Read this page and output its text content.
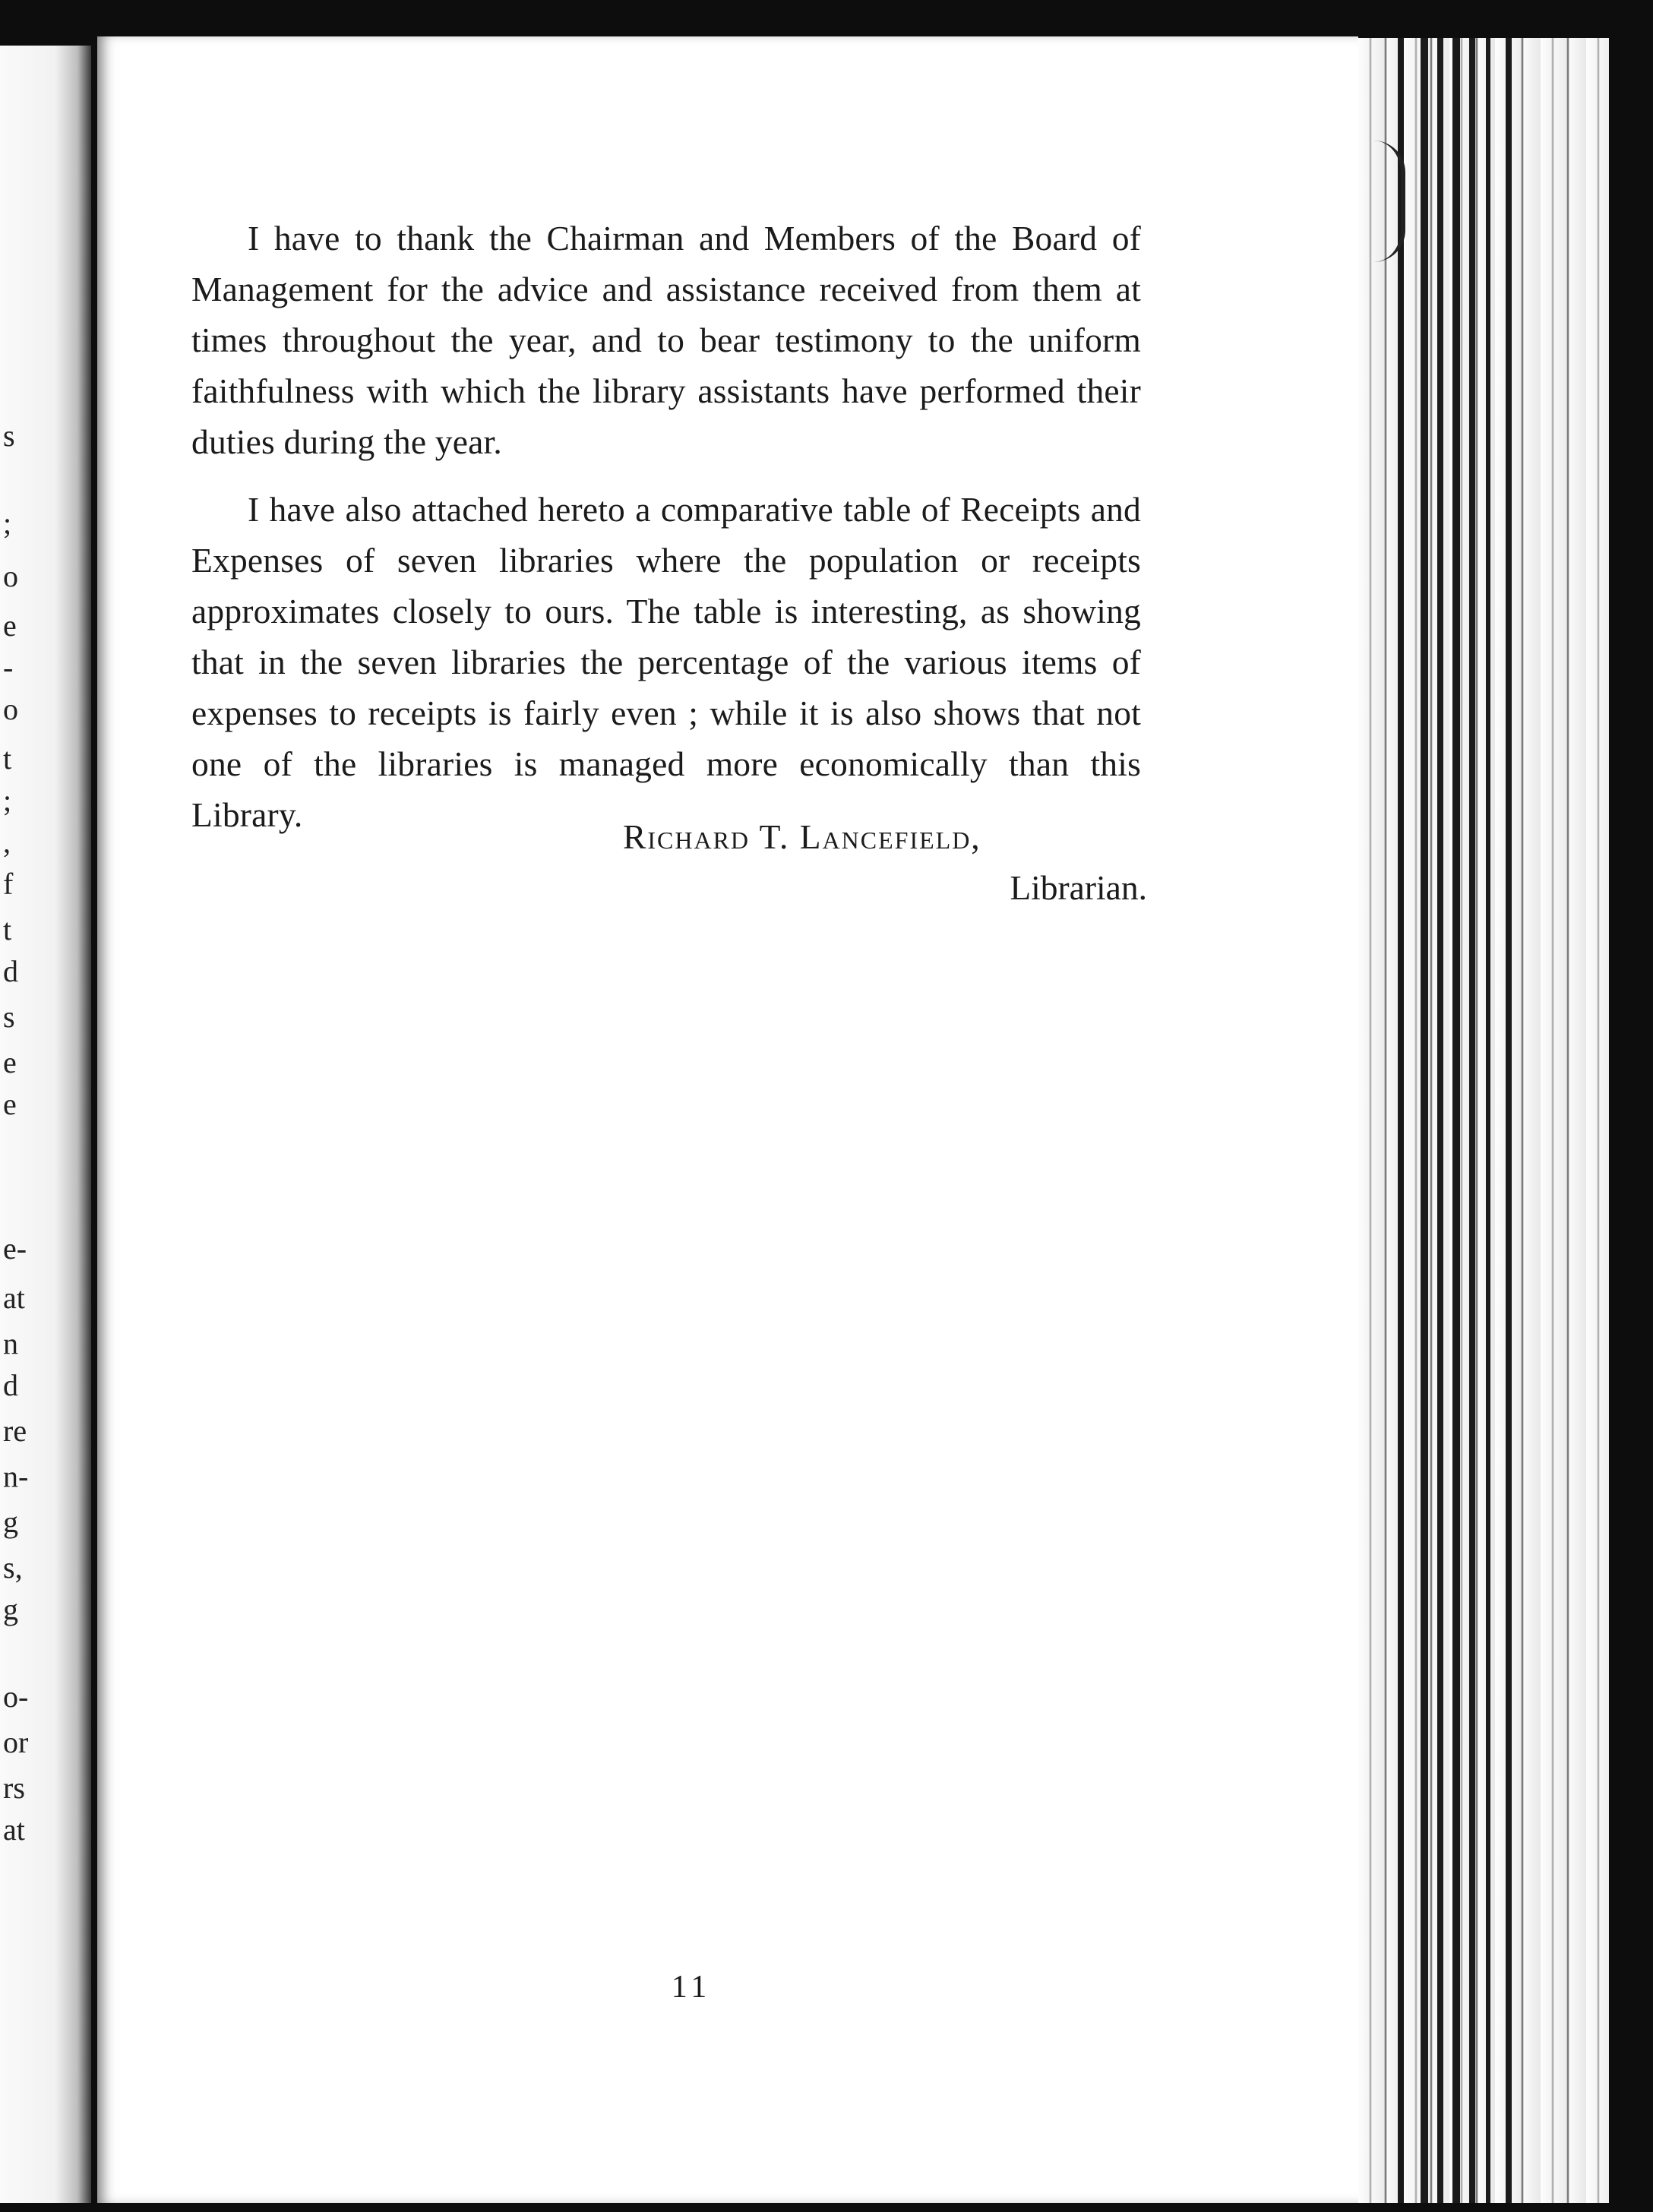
s
;
o
e
-
o
t
;
,
f
t
d
s
e
e
e-
at
n
d
re
n-
g
s,
g
o-
or
rs
at

I have to thank the Chairman and Members of the Board of Management for the advice and assistance received from them at times throughout the year, and to bear testimony to the uniform faithfulness with which the library assistants have performed their duties during the year.

I have also attached hereto a comparative table of Receipts and Expenses of seven libraries where the population or receipts approximates closely to ours. The table is interesting, as showing that in the seven libraries the percentage of the various items of expenses to receipts is fairly even ; while it is also shows that not one of the libraries is managed more economically than this Library.

Richard T. Lancefield,
Librarian.
11
